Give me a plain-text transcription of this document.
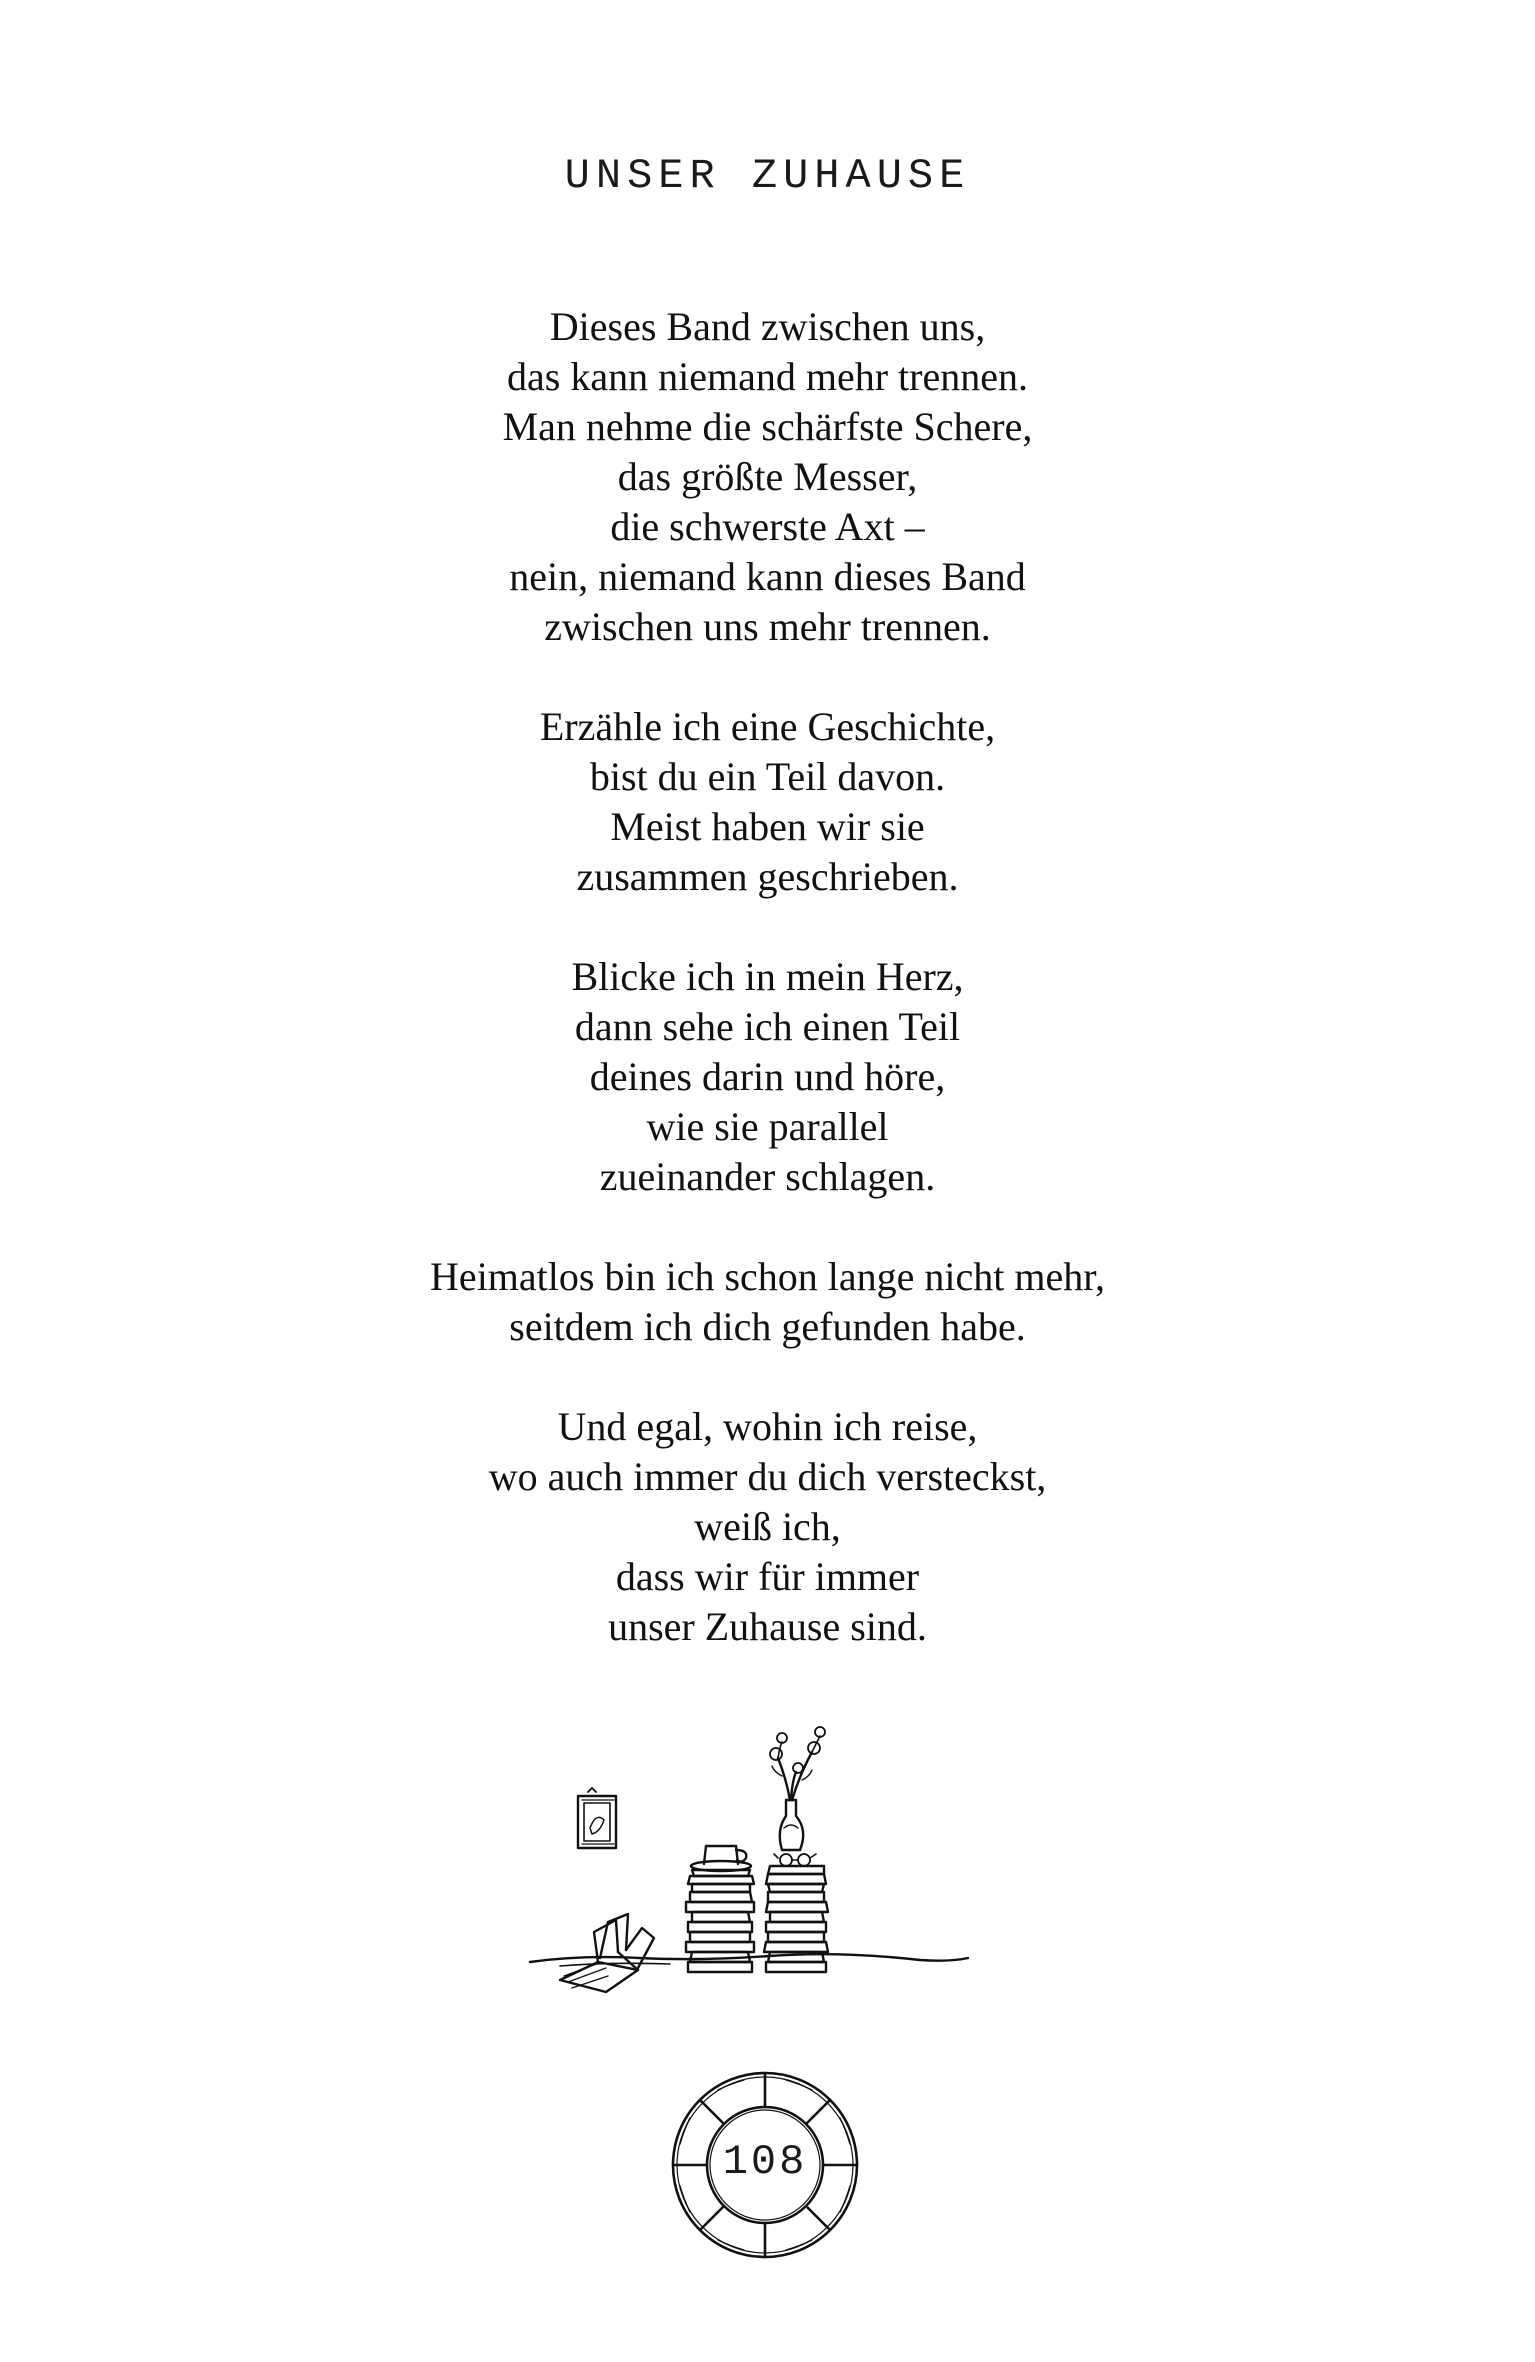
UNSER ZUHAUSE

Dieses Band zwischen uns,
das kann niemand mehr trennen.
Man nehme die schärfste Schere,
das größte Messer,
die schwerste Axt –
nein, niemand kann dieses Band
zwischen uns mehr trennen.

Erzähle ich eine Geschichte,
bist du ein Teil davon.
Meist haben wir sie
zusammen geschrieben.

Blicke ich in mein Herz,
dann sehe ich einen Teil
deines darin und höre,
wie sie parallel
zueinander schlagen.

Heimatlos bin ich schon lange nicht mehr,
seitdem ich dich gefunden habe.

Und egal, wohin ich reise,
wo auch immer du dich versteckst,
weiß ich,
dass wir für immer
unser Zuhause sind.

108
